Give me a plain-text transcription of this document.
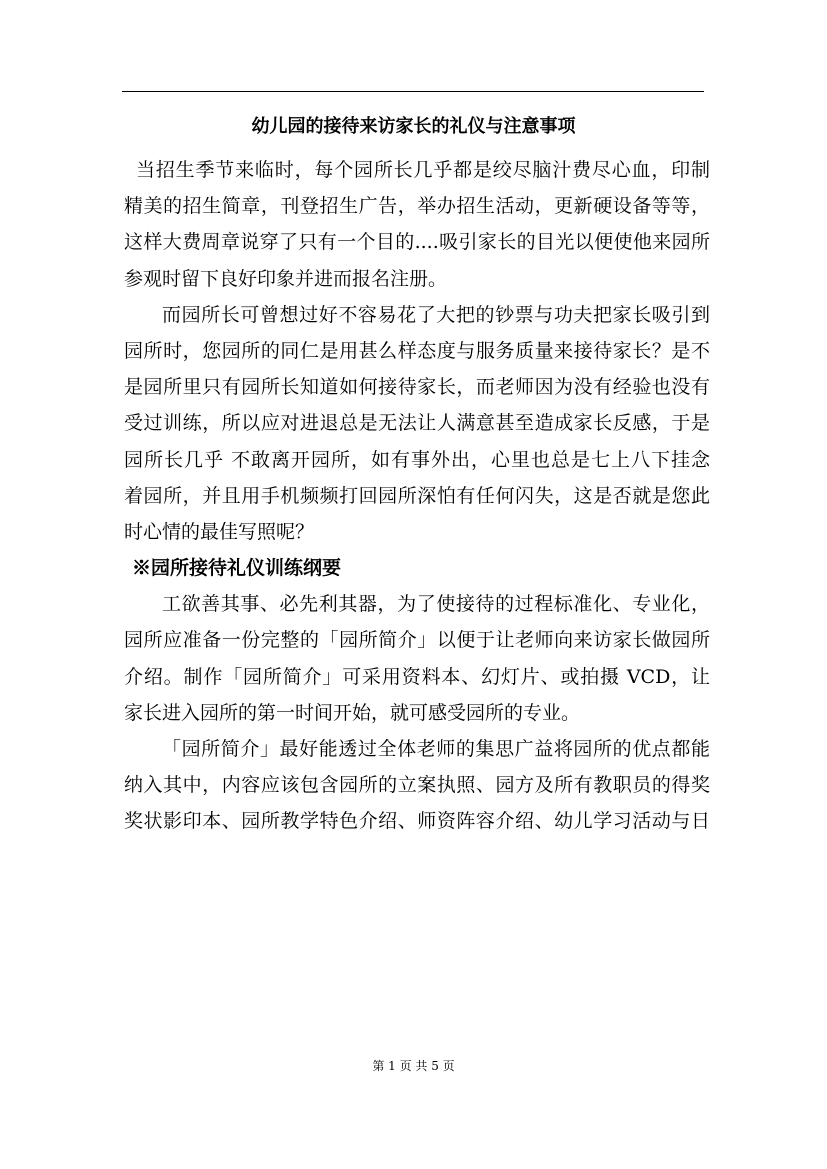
幼儿园的接待来访家长的礼仪与注意事项
当招生季节来临时，每个园所长几乎都是绞尽脑汁费尽心血，印制
精美的招生简章，刊登招生广告，举办招生活动，更新硬设备等等，
这样大费周章说穿了只有一个目的....吸引家长的目光以便使他来园所
参观时留下良好印象并进而报名注册。
而园所长可曾想过好不容易花了大把的钞票与功夫把家长吸引到
园所时，您园所的同仁是用甚么样态度与服务质量来接待家长？是不
是园所里只有园所长知道如何接待家长，而老师因为没有经验也没有
受过训练，所以应对进退总是无法让人满意甚至造成家长反感，于是
园所长几乎 不敢离开园所，如有事外出，心里也总是七上八下挂念
着园所，并且用手机频频打回园所深怕有任何闪失，这是否就是您此
时心情的最佳写照呢？
※园所接待礼仪训练纲要
工欲善其事、必先利其器，为了使接待的过程标准化、专业化，
园所应准备一份完整的「园所简介」以便于让老师向来访家长做园所
介绍。制作「园所简介」可采用资料本、幻灯片、或拍摄 VCD，让
家长进入园所的第一时间开始，就可感受园所的专业。
「园所简介」最好能透过全体老师的集思广益将园所的优点都能
纳入其中，内容应该包含园所的立案执照、园方及所有教职员的得奖
奖状影印本、园所教学特色介绍、师资阵容介绍、幼儿学习活动与日
第 1 页 共 5 页
